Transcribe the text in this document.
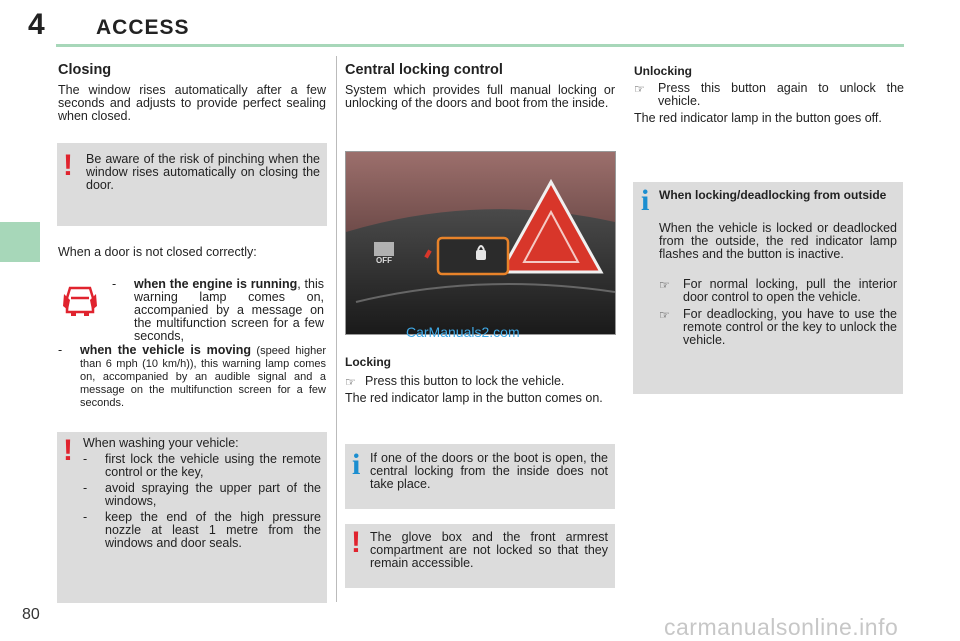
4 ACCESS
Closing
The window rises automatically after a few seconds and adjusts to provide perfect sealing when closed.
! Be aware of the risk of pinching when the window rises automatically on closing the door.
When a door is not closed correctly:
-	when the engine is running, this warning lamp comes on, accompanied by a message on the multifunction screen for a few seconds,
-	when the vehicle is moving (speed higher than 6 mph (10 km/h)), this warning lamp comes on, accompanied by an audible signal and a message on the multifunction screen for a few seconds.
! When washing your vehicle:
-	first lock the vehicle using the remote control or the key,
-	avoid spraying the upper part of the windows,
-	keep the end of the high pressure nozzle at least 1 metre from the windows and door seals.
Central locking control
System which provides full manual locking or unlocking of the doors and boot from the inside.
OFF
CarManuals2.com
Locking
☞ Press this button to lock the vehicle.
The red indicator lamp in the button comes on.
i If one of the doors or the boot is open, the central locking from the inside does not take place.
! The glove box and the front armrest compartment are not locked so that they remain accessible.
Unlocking
☞	Press this button again to unlock the vehicle.
The red indicator lamp in the button goes off.
i When locking/deadlocking from outside
When the vehicle is locked or deadlocked from the outside, the red indicator lamp flashes and the button is inactive.
☞	For normal locking, pull the interior door control to open the vehicle.
☞	For deadlocking, you have to use the remote control or the key to unlock the vehicle.
80	carmanualsonline.info
